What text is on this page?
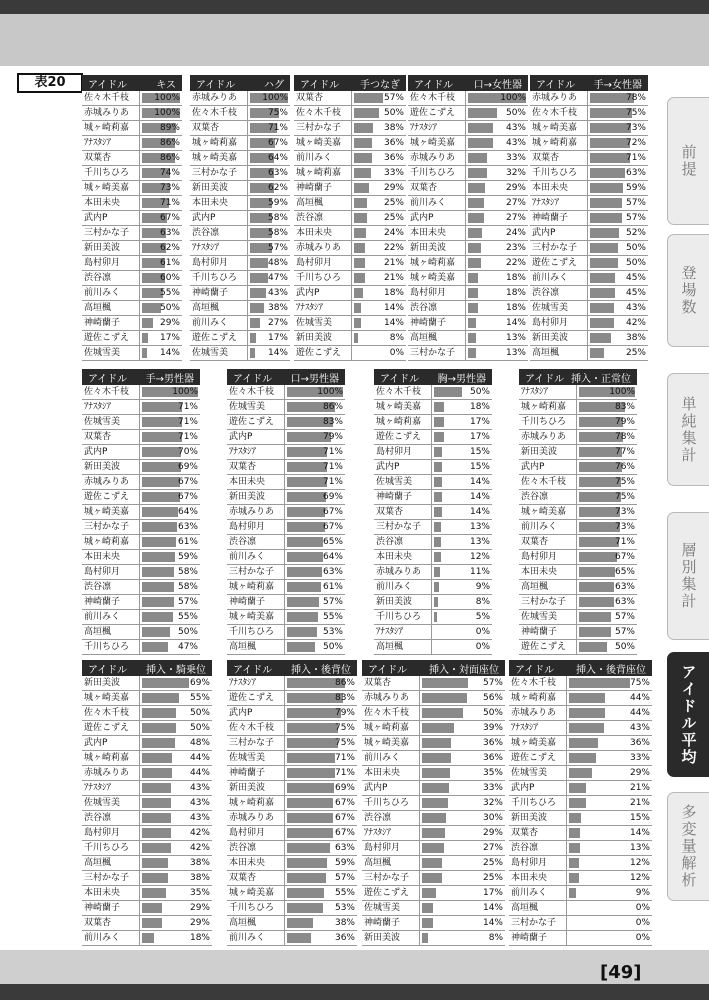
表20	アイドル	キス
佐々木千枝	100%
赤城みりあ	100%
城ヶ崎莉嘉	89%
ｱﾅｽﾀｼｱ	86%
双葉杏	86%
千川ちひろ	74%
城ヶ崎美嘉	73%
本田未央	71%
武内P	67%
三村かな子	63%
新田美波	62%
島村卯月	61%
渋谷凛	60%
前川みく	55%
高垣楓	50%
神崎蘭子	29%
遊佐こずえ	17%
佐城雪美	14%
アイドル	ハグ
赤城みりあ	100%
佐々木千枝	75%
双葉杏	71%
城ヶ崎莉嘉	67%
城ヶ崎美嘉	64%
三村かな子	63%
新田美波	62%
本田未央	59%
武内P	58%
渋谷凛	58%
ｱﾅｽﾀｼｱ	57%
島村卯月	48%
千川ちひろ	47%
神崎蘭子	43%
高垣楓	38%
前川みく	27%
遊佐こずえ	17%
佐城雪美	14%
アイドル 手つなぎ
双葉杏	57%
佐々木千枝	50%
三村かな子	38%
城ヶ崎美嘉	36%
前川みく	36%
城ヶ崎莉嘉	33%
神崎蘭子	29%
高垣楓	25%
渋谷凛	25%
本田未央	24%
赤城みりあ	22%
島村卯月	21%
千川ちひろ	21%
武内P	18%
ｱﾅｽﾀｼｱ	14%
佐城雪美	14%
新田美波	8%
遊佐こずえ	0%
アイドル 口→女性器
佐々木千枝	100%
遊佐こずえ	50%
ｱﾅｽﾀｼｱ	43%
城ヶ崎美嘉	43%
赤城みりあ	33%
千川ちひろ	32%
双葉杏	29%
前川みく	27%
武内P	27%
本田未央	24%
新田美波	23%
城ヶ崎莉嘉	22%
城ヶ崎美嘉	18%
島村卯月	18%
渋谷凛	18%
神崎蘭子	14%
高垣楓	13%
三村かな子	13%
アイドル 手→女性器
赤城みりあ	78%
佐々木千枝	75%
城ヶ崎美嘉	73%
城ヶ崎莉嘉	72%
双葉杏	71%
千川ちひろ	63%
本田未央	59%
ｱﾅｽﾀｼｱ	57%
神崎蘭子	57%
武内P	52%
三村かな子	50%
遊佐こずえ	50%
前川みく	45%
渋谷凛	45%
佐城雪美	43%
島村卯月	42%
新田美波	38%
高垣楓	25%
アイドル 手→男性器
佐々木千枝	100%
ｱﾅｽﾀｼｱ	71%
佐城雪美	71%
双葉杏	71%
武内P	70%
新田美波	69%
赤城みりあ	67%
遊佐こずえ	67%
城ヶ崎美嘉	64%
三村かな子	63%
城ヶ崎莉嘉	61%
本田未央	59%
島村卯月	58%
渋谷凛	58%
神崎蘭子	57%
前川みく	55%
高垣楓	50%
千川ちひろ	47%
アイドル 口→男性器
佐々木千枝	100%
佐城雪美	86%
遊佐こずえ	83%
武内P	79%
ｱﾅｽﾀｼｱ	71%
双葉杏	71%
本田未央	71%
新田美波	69%
赤城みりあ	67%
島村卯月	67%
渋谷凛	65%
前川みく	64%
三村かな子	63%
城ヶ崎莉嘉	61%
神崎蘭子	57%
城ヶ崎美嘉	55%
千川ちひろ	53%
高垣楓	50%
アイドル 胸→男性器
佐々木千枝	50%
城ヶ崎美嘉	18%
城ヶ崎莉嘉	17%
遊佐こずえ	17%
島村卯月	15%
武内P	15%
佐城雪美	14%
神崎蘭子	14%
双葉杏	14%
三村かな子	13%
渋谷凛	13%
本田未央	12%
赤城みりあ	11%
前川みく	9%
新田美波	8%
千川ちひろ	5%
ｱﾅｽﾀｼｱ	0%
高垣楓	0%
アイドル 挿入・正常位
ｱﾅｽﾀｼｱ	100%
城ヶ崎莉嘉	83%
千川ちひろ	79%
赤城みりあ	78%
新田美波	77%
武内P	76%
佐々木千枝	75%
渋谷凛	75%
城ヶ崎美嘉	73%
前川みく	73%
双葉杏	71%
島村卯月	67%
本田未央	65%
高垣楓	63%
三村かな子	63%
佐城雪美	57%
神崎蘭子	57%
遊佐こずえ	50%
アイドル 挿入・騎乗位
新田美波	69%
城ヶ崎美嘉	55%
佐々木千枝	50%
遊佐こずえ	50%
武内P	48%
城ヶ崎莉嘉	44%
赤城みりあ	44%
ｱﾅｽﾀｼｱ	43%
佐城雪美	43%
渋谷凛	43%
島村卯月	42%
千川ちひろ	42%
高垣楓	38%
三村かな子	38%
本田未央	35%
神崎蘭子	29%
双葉杏	29%
前川みく	18%
アイドル 挿入・後背位
ｱﾅｽﾀｼｱ	86%
遊佐こずえ	83%
武内P	79%
佐々木千枝	75%
三村かな子	75%
佐城雪美	71%
神崎蘭子	71%
新田美波	69%
城ヶ崎莉嘉	67%
赤城みりあ	67%
島村卯月	67%
渋谷凛	63%
本田未央	59%
双葉杏	57%
城ヶ崎美嘉	55%
千川ちひろ	53%
高垣楓	38%
前川みく	36%
アイドル 挿入・対面座位
双葉杏	57%
赤城みりあ	56%
佐々木千枝	50%
城ヶ崎莉嘉	39%
城ヶ崎美嘉	36%
前川みく	36%
本田未央	35%
武内P	33%
千川ちひろ	32%
渋谷凛	30%
ｱﾅｽﾀｼｱ	29%
島村卯月	27%
高垣楓	25%
三村かな子	25%
遊佐こずえ	17%
佐城雪美	14%
神崎蘭子	14%
新田美波	8%
アイドル 挿入・後背座位
佐々木千枝	75%
城ヶ崎莉嘉	44%
赤城みりあ	44%
ｱﾅｽﾀｼｱ	43%
城ヶ崎美嘉	36%
遊佐こずえ	33%
佐城雪美	29%
武内P	21%
千川ちひろ	21%
新田美波	15%
双葉杏	14%
渋谷凛	13%
島村卯月	12%
本田未央	12%
前川みく	9%
高垣楓	0%
三村かな子	0%
神崎蘭子	0%
前提
登場数
単純集計
層別集計
アイドル平均
多変量解析
[49]
